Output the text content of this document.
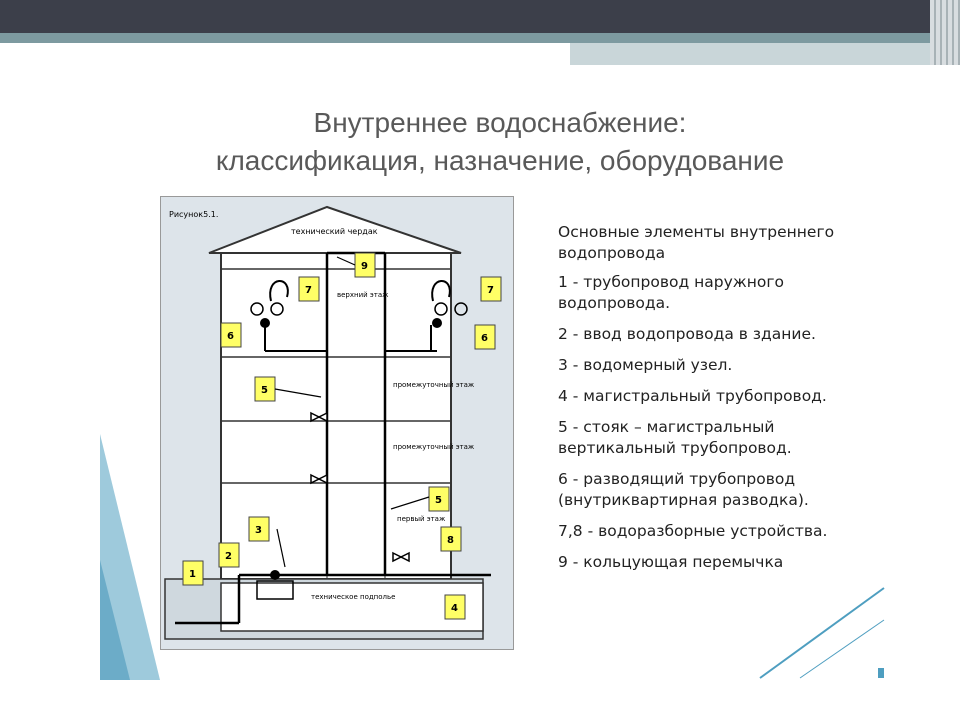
Внутреннее водоснабжение:
классификация, назначение, оборудование
Рисунок5.1.
технический чердак
верхний этаж
промежуточный этаж
промежуточный этаж
первый этаж
техническое подполье
1
2
3
4
5
5
6	6
7	7
8
9
Основные элементы внутреннего водопровода
1 - трубопровод наружного водопровода.
2 - ввод водопровода в здание.
3 - водомерный узел.
4 - магистральный трубопровод.
5 - стояк – магистральный вертикальный трубопровод.
6 - разводящий трубопровод (внутриквартирная разводка).
7,8 - водоразборные устройства.
9 - кольцующая перемычка
